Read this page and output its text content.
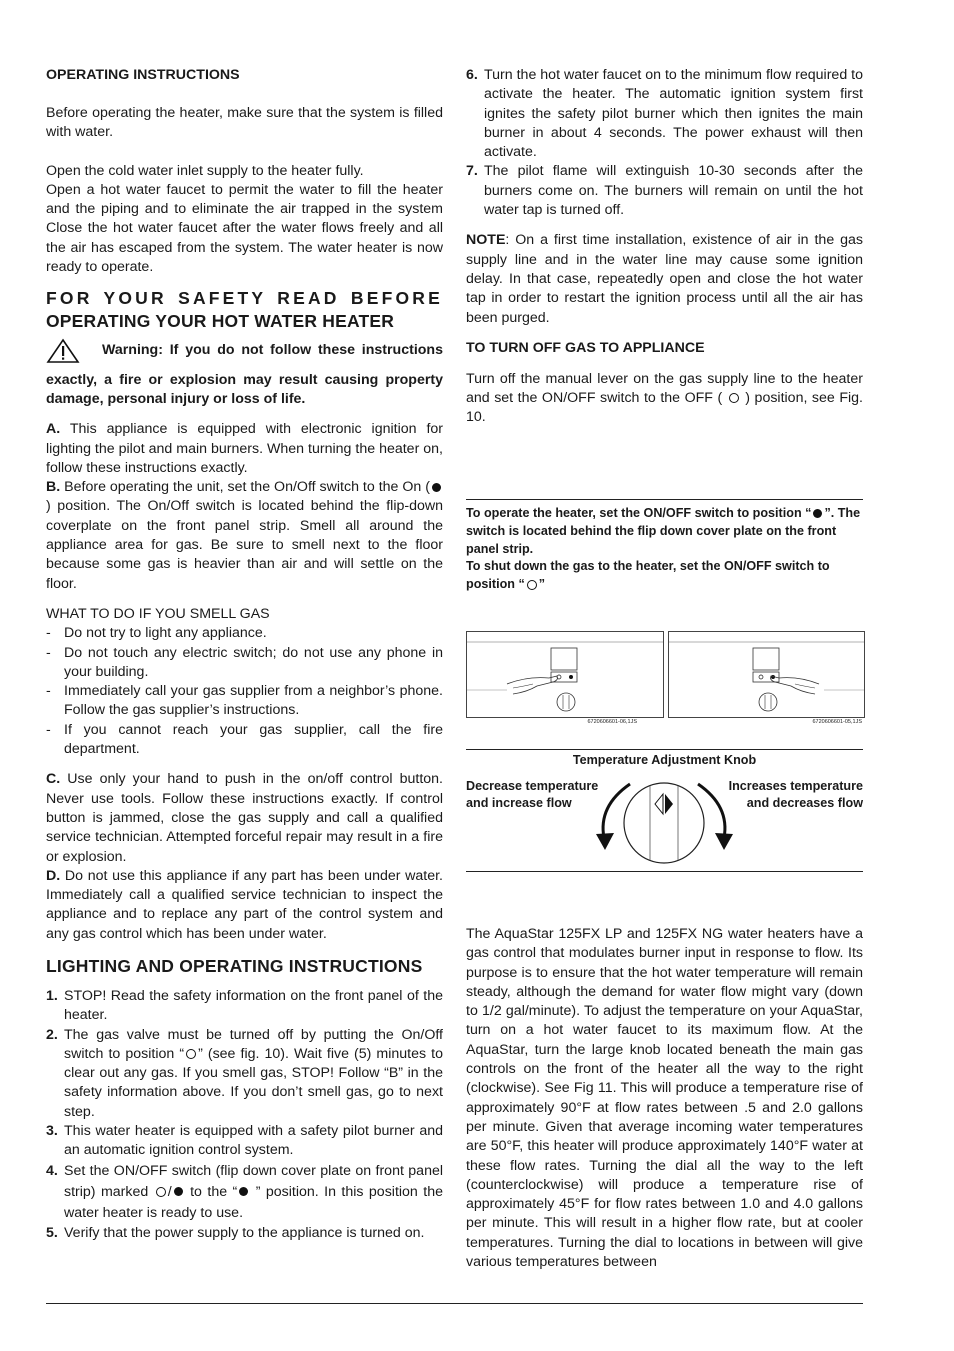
OPERATING INSTRUCTIONS

Before operating the heater, make sure that the system is filled with water.

Open the cold water inlet supply to the heater fully.

Open a hot water faucet to permit the water to fill the heater and the piping and to eliminate the air trapped in the system Close the hot water faucet after the water flows freely and all the air has escaped from the system. The water heater is now ready to operate.

FOR YOUR SAFETY READ BEFORE
OPERATING YOUR HOT WATER HEATER
Warning: If you do not follow these instructions exactly, a fire or explosion may result causing property damage, personal injury or loss of life.

A. This appliance is equipped with electronic ignition for lighting the pilot and main burners. When turning the heater on, follow these instructions exactly.

B. Before operating the unit, set the On/Off switch to the On () position. The On/Off switch is located behind the flip-down coverplate on the front panel strip. Smell all around the appliance area for gas. Be sure to smell next to the floor because some gas is heavier than air and will settle on the floor.

WHAT TO DO IF YOU SMELL GAS

- Do not try to light any appliance.
- Do not touch any electric switch; do not use any phone in your building.
- Immediately call your gas supplier from a neighbor’s phone. Follow the gas supplier’s instructions.
- If you cannot reach your gas supplier, call the fire department.

C. Use only your hand to push in the on/off control button. Never use tools. Follow these instructions exactly. If control button is jammed, close the gas supply and call a qualified service technician. Attempted forceful repair may result in a fire or explosion.

D. Do not use this appliance if any part has been under water. Immediately call a qualified service technician to inspect the appliance and to replace any part of the control system and any gas control which has been under water.

LIGHTING AND OPERATING INSTRUCTIONS
1. STOP! Read the safety information on the front panel of the heater.
2. The gas valve must be turned off by putting the On/Off switch to position “ ” (see fig. 10). Wait five (5) minutes to clear out any gas. If you smell gas, STOP! Follow “B” in the safety information above. If you don’t smell gas, go to next step.
3. This water heater is equipped with a safety pilot burner and an automatic ignition control system.
4. Set the ON/OFF switch (flip down cover plate on front panel strip) marked / to the “ ” position. In this position the water heater is ready to use.
5. Verify that the power supply to the appliance is turned on.
6. Turn the hot water faucet on to the minimum flow required to activate the heater. The automatic ignition system first ignites the safety pilot burner which then ignites the main burner in about 4 seconds. The power exhaust will then activate.
7. The pilot flame will extinguish 10-30 seconds after the burners come on. The burners will remain on until the hot water tap is turned off.

NOTE: On a first time installation, existence of air in the gas supply line and in the water line may cause some ignition delay. In that case, repeatedly open and close the hot water tap in order to restart the ignition process until all the air has been purged.

TO TURN OFF GAS TO APPLIANCE

Turn off the manual lever on the gas supply line to the heater and set the ON/OFF switch to the OFF ( ) position, see Fig. 10.

To operate the heater, set the ON/OFF switch to position “ ”. The switch is located behind the flip down cover plate on the front panel strip.
To shut down the gas to the heater, set the ON/OFF switch to position “ ”
6720606601-06,1JS	6720606601-05,1JS
Temperature Adjustment Knob
Decrease temperature and increase flow
Increases temperature and decreases flow

The AquaStar 125FX LP and 125FX NG water heaters have a gas control that modulates burner input in response to flow. Its purpose is to ensure that the hot water temperature will remain steady, although the demand for water flow might vary (down to 1/2 gal/minute). To adjust the temperature on your AquaStar, turn on a hot water faucet to its maximum flow. At the AquaStar, turn the large knob located beneath the main gas controls on the front of the heater all the way to the right (clockwise). See Fig 11. This will produce a temperature rise of approximately 90°F at flow rates between .5 and 2.0 gallons per minute. Given that average incoming water temperatures are 50°F, this heater will produce approximately 140°F water at these flow rates. Turning the dial all the way to the left (counterclockwise) will produce a temperature rise of approximately 45°F for flow rates between 1.0 and 4.0 gallons per minute. This will result in a higher flow rate, but at cooler temperatures. Turning the dial to locations in between will give various temperatures between
